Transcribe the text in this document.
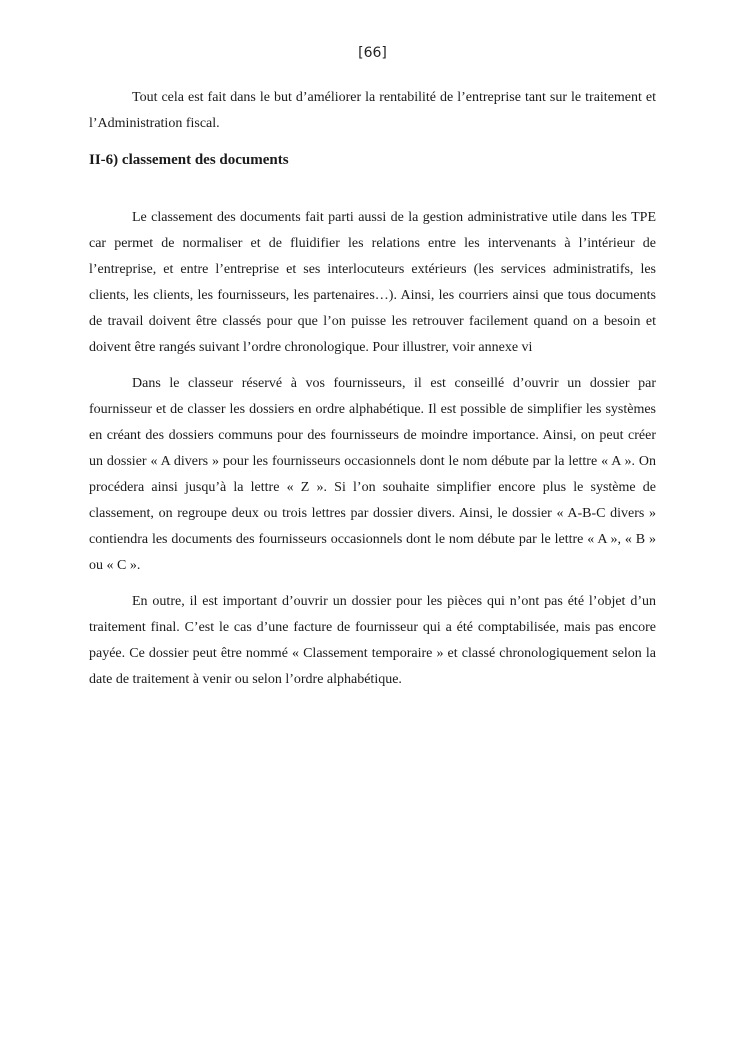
[66]

Tout cela est fait dans le but d’améliorer la rentabilité de l’entreprise tant sur le traitement et l’Administration fiscal.

II-6) classement des documents

Le classement des documents fait parti aussi de la gestion administrative utile dans les TPE car permet de normaliser et de fluidifier les relations entre les intervenants à l’intérieur de l’entreprise, et entre l’entreprise et ses interlocuteurs extérieurs (les services administratifs, les clients, les clients, les fournisseurs, les partenaires…). Ainsi, les courriers ainsi que tous documents de travail doivent être classés pour que l’on puisse les retrouver facilement quand on a besoin et doivent être rangés suivant l’ordre chronologique. Pour illustrer, voir annexe vi

Dans le classeur réservé à vos fournisseurs, il est conseillé d’ouvrir un dossier par fournisseur et de classer les dossiers en ordre alphabétique. Il est possible de simplifier les systèmes en créant des dossiers communs pour des fournisseurs de moindre importance. Ainsi, on peut créer un dossier « A divers » pour les fournisseurs occasionnels dont le nom débute par la lettre « A ». On procédera ainsi jusqu’à la lettre « Z ». Si l’on souhaite simplifier encore plus le système de classement, on regroupe deux ou trois lettres par dossier divers. Ainsi, le dossier « A-B-C divers » contiendra les documents des fournisseurs occasionnels dont le nom débute par le lettre « A », « B » ou « C ».

En outre, il est important d’ouvrir un dossier pour les pièces qui n’ont pas été l’objet d’un traitement final. C’est le cas d’une facture de fournisseur qui a été comptabilisée, mais pas encore payée. Ce dossier peut être nommé « Classement temporaire » et classé chronologiquement selon la date de traitement à venir ou selon l’ordre alphabétique.
